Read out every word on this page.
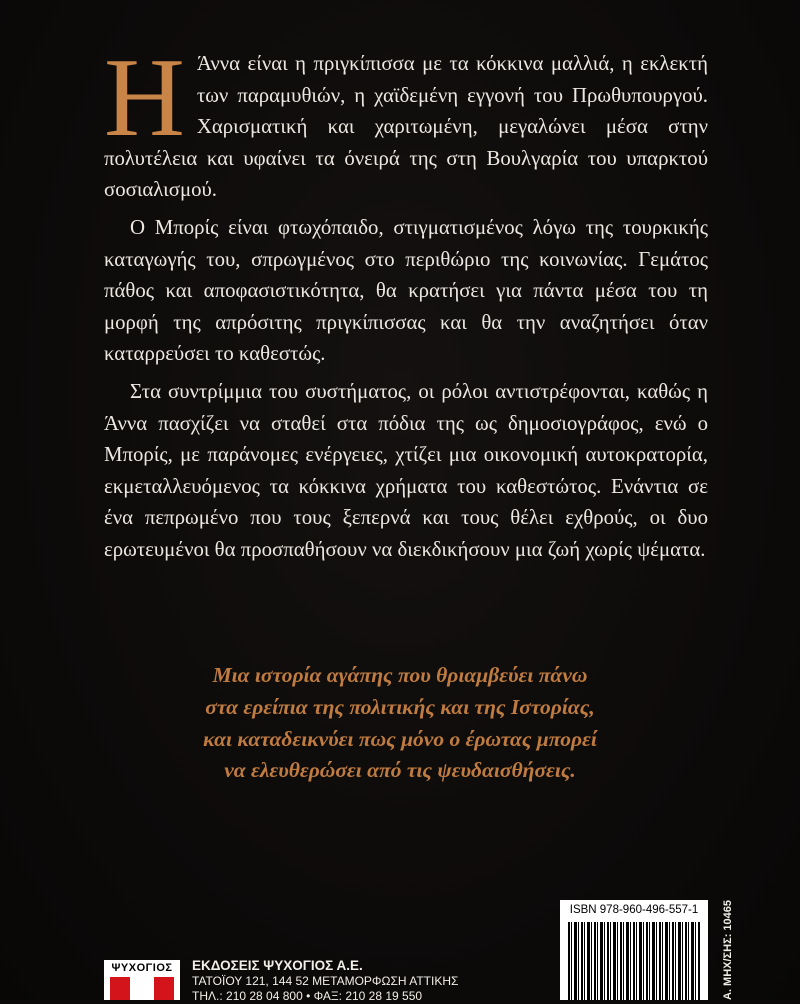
Η Άννα είναι η πριγκίπισσα με τα κόκκινα μαλλιά, η εκλεκτή των παραμυθιών, η χαϊδεμένη εγγονή του Πρωθυπουργού. Χαρισματική και χαριτωμένη, μεγαλώνει μέσα στην πολυτέλεια και υφαίνει τα όνειρά της στη Βουλγαρία του υπαρκτού σοσιαλισμού.

Ο Μπορίς είναι φτωχόπαιδο, στιγματισμένος λόγω της τουρκικής καταγωγής του, σπρωγμένος στο περιθώριο της κοινωνίας. Γεμάτος πάθος και αποφασιστικότητα, θα κρατήσει για πάντα μέσα του τη μορφή της απρόσιτης πριγκίπισσας και θα την αναζητήσει όταν καταρρεύσει το καθεστώς.

Στα συντρίμμια του συστήματος, οι ρόλοι αντιστρέφονται, καθώς η Άννα πασχίζει να σταθεί στα πόδια της ως δημοσιογράφος, ενώ ο Μπορίς, με παράνομες ενέργειες, χτίζει μια οικονομική αυτοκρατορία, εκμεταλλευόμενος τα κόκκινα χρήματα του καθεστώτος. Ενάντια σε ένα πεπρωμένο που τους ξεπερνά και τους θέλει εχθρούς, οι δυο ερωτευμένοι θα προσπαθήσουν να διεκδικήσουν μια ζωή χωρίς ψέματα.

Μια ιστορία αγάπης που θριαμβεύει πάνω
στα ερείπια της πολιτικής και της Ιστορίας,
και καταδεικνύει πως μόνο ο έρωτας μπορεί
να ελευθερώσει από τις ψευδαισθήσεις.
ΨΥΧΟΓΙΟΣ	ΕΚΔΟΣΕΙΣ ΨΥΧΟΓΙΟΣ Α.Ε.
ΤΑΤΟΪΟΥ 121, 144 52 ΜΕΤΑΜΟΡΦΩΣΗ ΑΤΤΙΚΗΣ
ΤΗΛ.: 210 28 04 800 • ΦΑΞ: 210 28 19 550
ISBN 978-960-496-557-1	Α. ΜΗΧ/ΣΗΣ: 10465
